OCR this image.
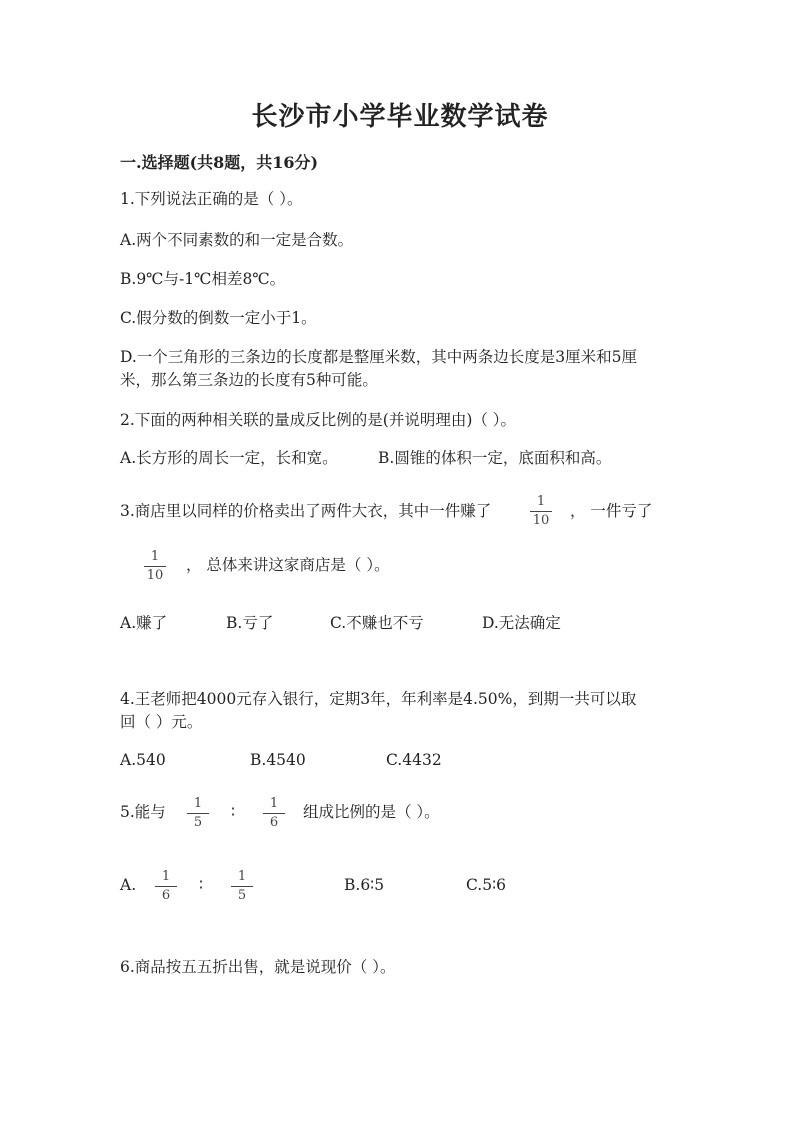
长沙市小学毕业数学试卷
一.选择题(共8题，共16分)
1.下列说法正确的是（ ）。
A.两个不同素数的和一定是合数。
B.9℃与-1℃相差8℃。
C.假分数的倒数一定小于1。
D.一个三角形的三条边的长度都是整厘米数，其中两条边长度是3厘米和5厘
米，那么第三条边的长度有5种可能。
2.下面的两种相关联的量成反比例的是(并说明理由)（ ）。
A.长方形的周长一定，长和宽。	B.圆锥的体积一定，底面积和高。
3.商店里以同样的价格卖出了两件大衣，其中一件赚了
1
10
， 一件亏了
1
10
， 总体来讲这家商店是（ ）。
A.赚了	B.亏了	C.不赚也不亏	D.无法确定
4.王老师把4000元存入银行，定期3年，年利率是4.50%，到期一共可以取
回（ ）元。
A.540	B.4540	C.4432
5.能与	1
5
∶	1
6
组成比例的是（ ）。
A.	1
6
∶	1
5
B.6∶5	C.5∶6
6.商品按五五折出售，就是说现价（ ）。
